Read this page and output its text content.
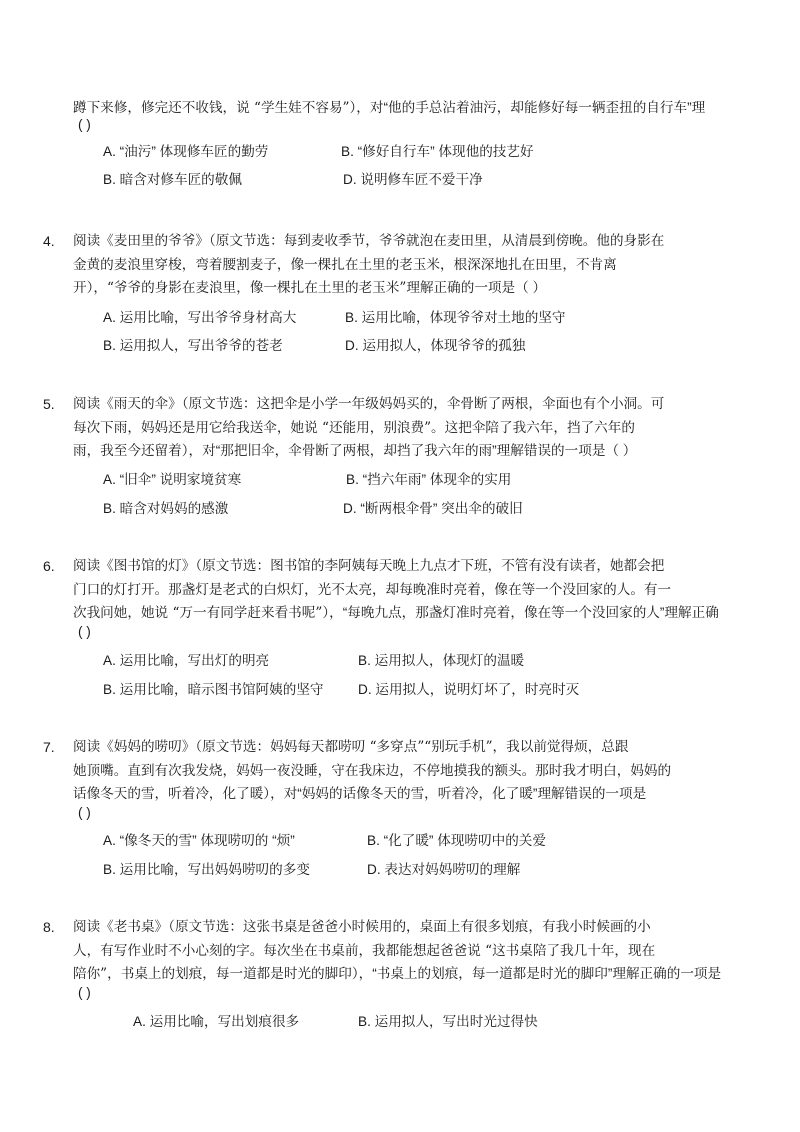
蹲下来修，修完还不收钱，说 “学生娃不容易”），对“他的手总沾着油污，却能修好每一辆歪扭的自行车”理
( )
A. “油污” 体现修车匠的勤劳	B. “修好自行车” 体现他的技艺好
B. 暗含对修车匠的敬佩	D. 说明修车匠不爱干净
4. 阅读《麦田里的爷爷》（原文节选：每到麦收季节，爷爷就泡在麦田里，从清晨到傍晚。他的身影在
金黄的麦浪里穿梭，弯着腰割麦子，像一棵扎在土里的老玉米，根深深地扎在田里，不肯离
开），“爷爷的身影在麦浪里，像一棵扎在土里的老玉米”理解正确的一项是（ ）
A. 运用比喻，写出爷爷身材高大	B. 运用比喻，体现爷爷对土地的坚守
B. 运用拟人，写出爷爷的苍老	D. 运用拟人，体现爷爷的孤独
5. 阅读《雨天的伞》（原文节选：这把伞是小学一年级妈妈买的，伞骨断了两根，伞面也有个小洞。可
每次下雨，妈妈还是用它给我送伞，她说 “还能用，别浪费”。这把伞陪了我六年，挡了六年的
雨，我至今还留着），对“那把旧伞，伞骨断了两根，却挡了我六年的雨”理解错误的一项是（ ）
A. “旧伞” 说明家境贫寒	B. “挡六年雨” 体现伞的实用
B. 暗含对妈妈的感激	D. “断两根伞骨” 突出伞的破旧
6. 阅读《图书馆的灯》（原文节选：图书馆的李阿姨每天晚上九点才下班，不管有没有读者，她都会把
门口的灯打开。那盏灯是老式的白炽灯，光不太亮，却每晚准时亮着，像在等一个没回家的人。有一
次我问她，她说 “万一有同学赶来看书呢”），“每晚九点，那盏灯准时亮着，像在等一个没回家的人”理解正确
( )
A. 运用比喻，写出灯的明亮	B. 运用拟人，体现灯的温暖
B. 运用比喻，暗示图书馆阿姨的坚守	D. 运用拟人，说明灯坏了，时亮时灭
7. 阅读《妈妈的唠叨》（原文节选：妈妈每天都唠叨 “多穿点”“别玩手机”，我以前觉得烦，总跟
她顶嘴。直到有次我发烧，妈妈一夜没睡，守在我床边，不停地摸我的额头。那时我才明白，妈妈的
话像冬天的雪，听着冷，化了暖），对“妈妈的话像冬天的雪，听着冷，化了暖”理解错误的一项是
( )
A. “像冬天的雪” 体现唠叨的 “烦”	B. “化了暖” 体现唠叨中的关爱
B. 运用比喻，写出妈妈唠叨的多变	D. 表达对妈妈唠叨的理解
8. 阅读《老书桌》（原文节选：这张书桌是爸爸小时候用的，桌面上有很多划痕，有我小时候画的小
人，有写作业时不小心刻的字。每次坐在书桌前，我都能想起爸爸说 “这书桌陪了我几十年，现在
陪你”，书桌上的划痕，每一道都是时光的脚印），“书桌上的划痕，每一道都是时光的脚印”理解正确的一项是
( )
A. 运用比喻，写出划痕很多	B. 运用拟人，写出时光过得快
